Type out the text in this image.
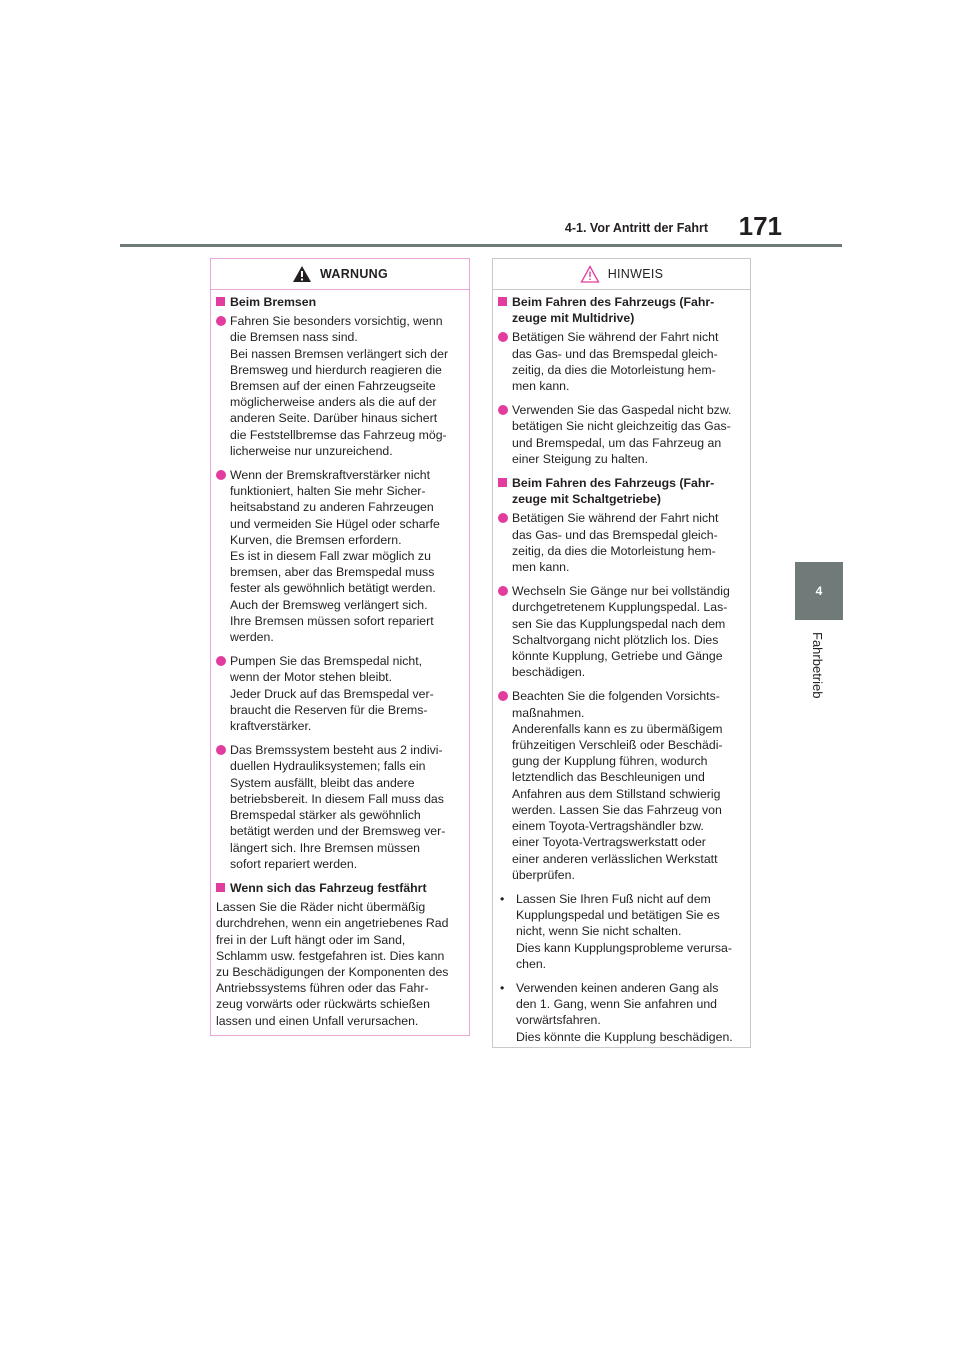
4-1. Vor Antritt der Fahrt	171
4
Fahrbetrieb
WARNUNG
Beim Bremsen
Fahren Sie besonders vorsichtig, wenn
die Bremsen nass sind.
Bei nassen Bremsen verlängert sich der
Bremsweg und hierdurch reagieren die
Bremsen auf der einen Fahrzeugseite
möglicherweise anders als die auf der
anderen Seite. Darüber hinaus sichert
die Feststellbremse das Fahrzeug mög-
licherweise nur unzureichend.
Wenn der Bremskraftverstärker nicht
funktioniert, halten Sie mehr Sicher-
heitsabstand zu anderen Fahrzeugen
und vermeiden Sie Hügel oder scharfe
Kurven, die Bremsen erfordern.
Es ist in diesem Fall zwar möglich zu
bremsen, aber das Bremspedal muss
fester als gewöhnlich betätigt werden.
Auch der Bremsweg verlängert sich.
Ihre Bremsen müssen sofort repariert
werden.
Pumpen Sie das Bremspedal nicht,
wenn der Motor stehen bleibt.
Jeder Druck auf das Bremspedal ver-
braucht die Reserven für die Brems-
kraftverstärker.
Das Bremssystem besteht aus 2 indivi-
duellen Hydrauliksystemen; falls ein
System ausfällt, bleibt das andere
betriebsbereit. In diesem Fall muss das
Bremspedal stärker als gewöhnlich
betätigt werden und der Bremsweg ver-
längert sich. Ihre Bremsen müssen
sofort repariert werden.
Wenn sich das Fahrzeug festfährt

Lassen Sie die Räder nicht übermäßig
durchdrehen, wenn ein angetriebenes Rad
frei in der Luft hängt oder im Sand,
Schlamm usw. festgefahren ist. Dies kann
zu Beschädigungen der Komponenten des
Antriebssystems führen oder das Fahr-
zeug vorwärts oder rückwärts schießen
lassen und einen Unfall verursachen.

HINWEIS
Beim Fahren des Fahrzeugs (Fahr-
zeuge mit Multidrive)
Betätigen Sie während der Fahrt nicht
das Gas- und das Bremspedal gleich-
zeitig, da dies die Motorleistung hem-
men kann.
Verwenden Sie das Gaspedal nicht bzw.
betätigen Sie nicht gleichzeitig das Gas-
und Bremspedal, um das Fahrzeug an
einer Steigung zu halten.
Beim Fahren des Fahrzeugs (Fahr-
zeuge mit Schaltgetriebe)
Betätigen Sie während der Fahrt nicht
das Gas- und das Bremspedal gleich-
zeitig, da dies die Motorleistung hem-
men kann.
Wechseln Sie Gänge nur bei vollständig
durchgetretenem Kupplungspedal. Las-
sen Sie das Kupplungspedal nach dem
Schaltvorgang nicht plötzlich los. Dies
könnte Kupplung, Getriebe und Gänge
beschädigen.
Beachten Sie die folgenden Vorsichts-
maßnahmen.
Anderenfalls kann es zu übermäßigem
frühzeitigen Verschleiß oder Beschädi-
gung der Kupplung führen, wodurch
letztendlich das Beschleunigen und
Anfahren aus dem Stillstand schwierig
werden. Lassen Sie das Fahrzeug von
einem Toyota-Vertragshändler bzw.
einer Toyota-Vertragswerkstatt oder
einer anderen verlässlichen Werkstatt
überprüfen.
• Lassen Sie Ihren Fuß nicht auf dem
Kupplungspedal und betätigen Sie es
nicht, wenn Sie nicht schalten.
Dies kann Kupplungsprobleme verursa-
chen.
• Verwenden keinen anderen Gang als
den 1. Gang, wenn Sie anfahren und
vorwärtsfahren.
Dies könnte die Kupplung beschädigen.
